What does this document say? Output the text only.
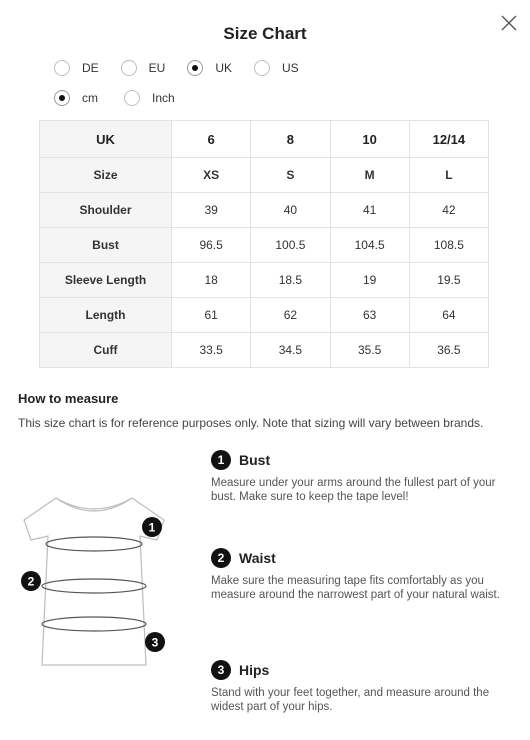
Size Chart
DE	EU	UK	US
cm	Inch
UK	6	8	10	12/14
Size	XS	S	M	L
Shoulder	39	40	41	42
Bust	96.5	100.5	104.5	108.5
Sleeve Length	18	18.5	19	19.5
Length	61	62	63	64
Cuff	33.5	34.5	35.5	36.5
How to measure
This size chart is for reference purposes only. Note that sizing will vary between brands.
1
2
3
1	Bust
Measure under your arms around the fullest part of your bust. Make sure to keep the tape level!
2	Waist
Make sure the measuring tape fits comfortably as you measure around the narrowest part of your natural waist.
3	Hips
Stand with your feet together, and measure around the widest part of your hips.
